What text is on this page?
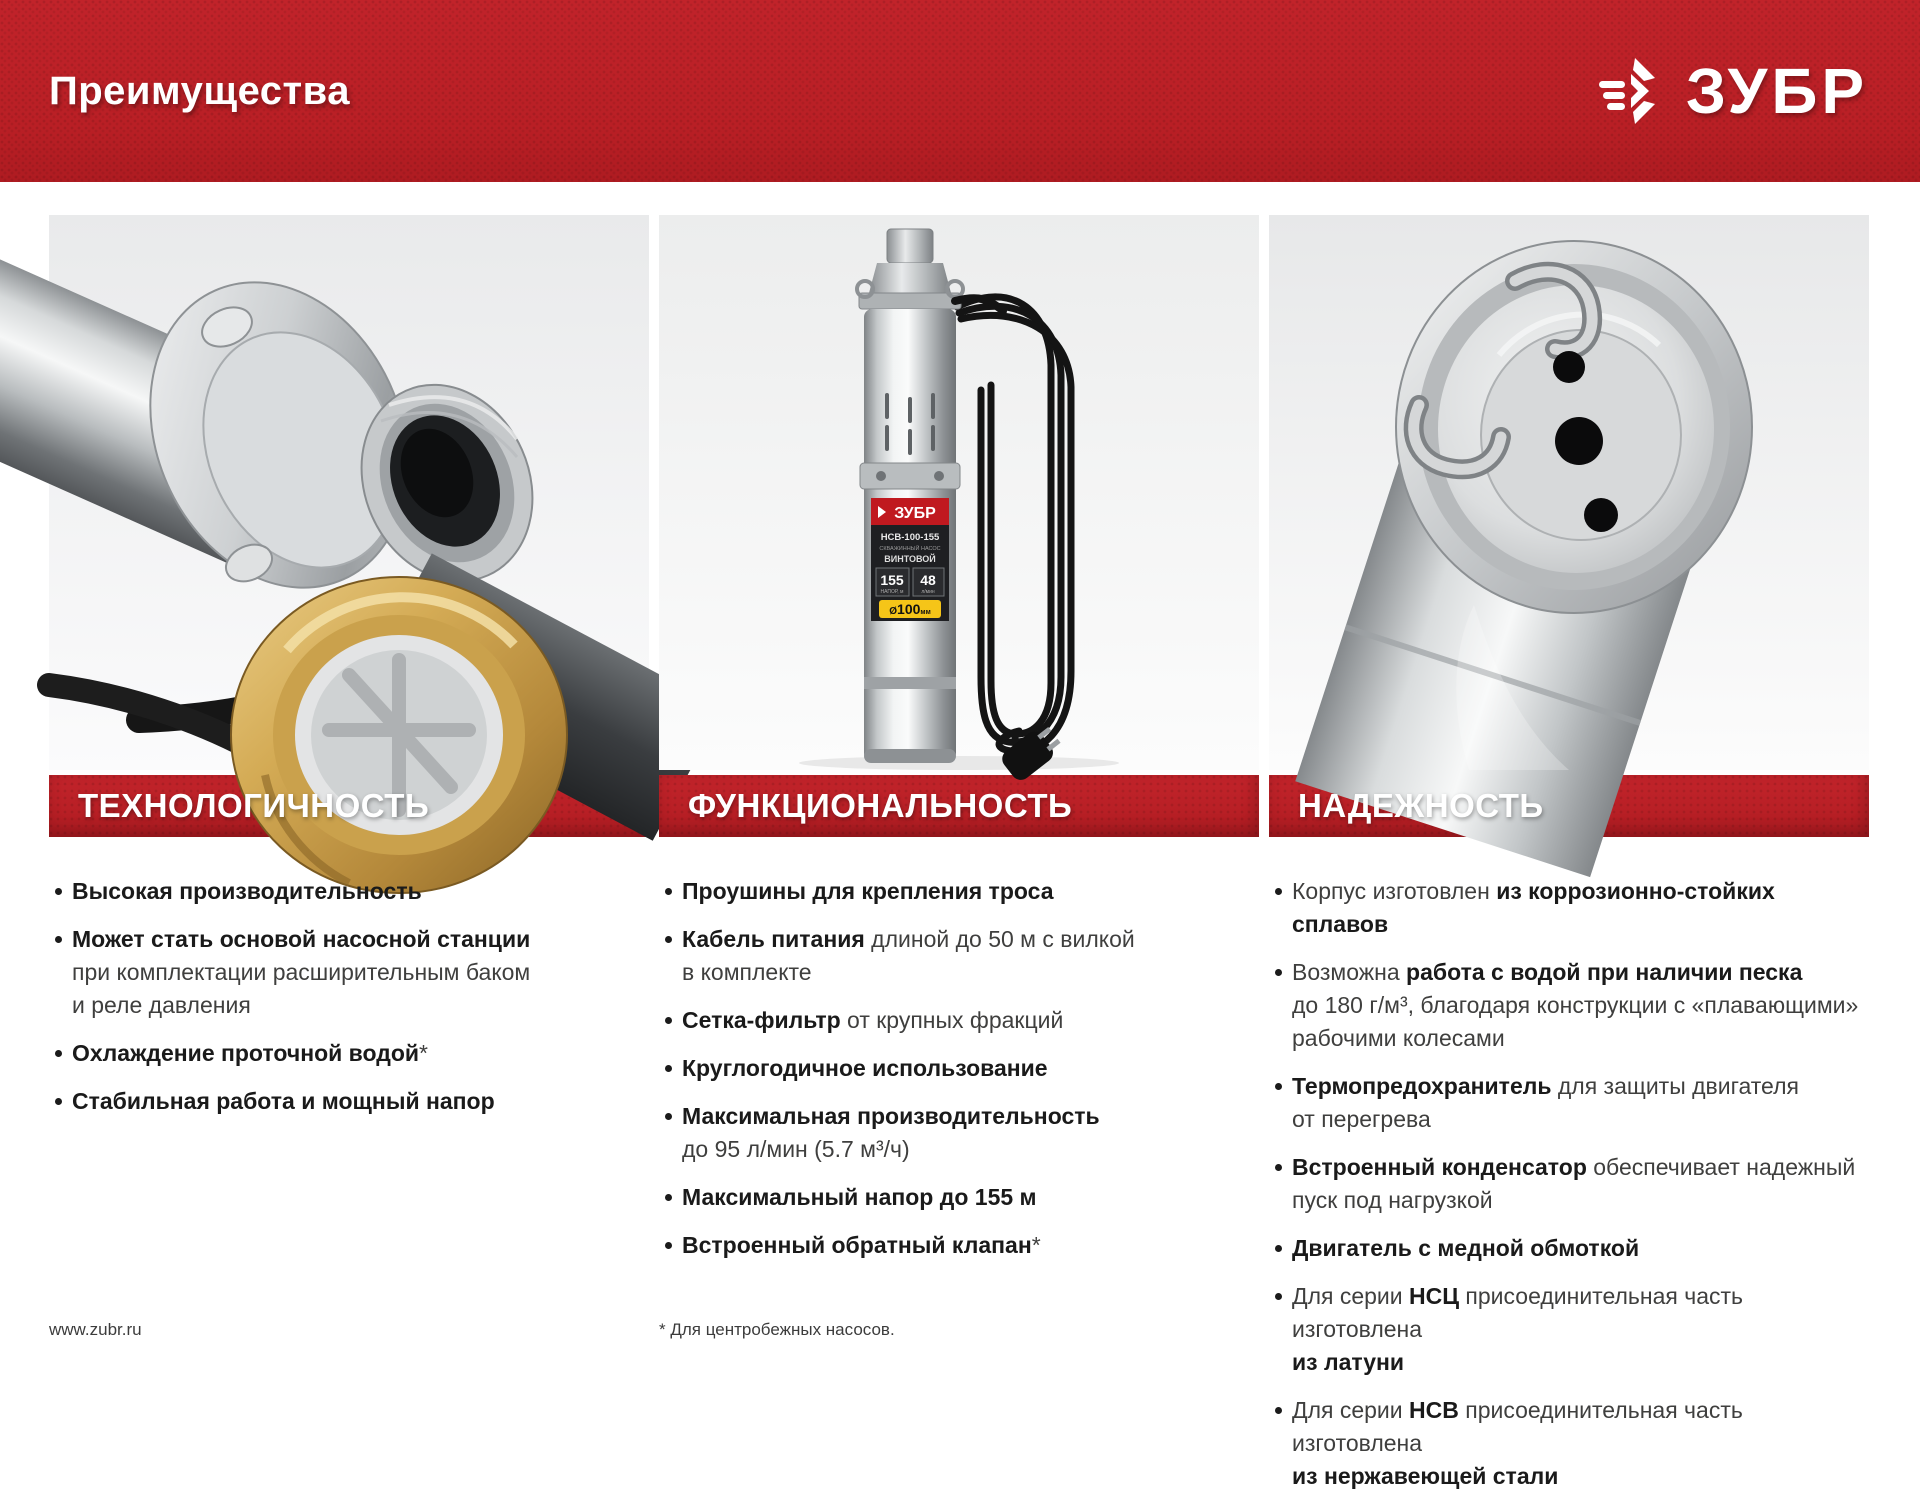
Преимущества	ЗУБР
ТЕХНОЛОГИЧНОСТЬ
Высокая производительность
Может стать основой насосной станции
при комплектации расширительным баком
и реле давления
Охлаждение проточной водой*
Стабильная работа и мощный напор
ЗУБР
НСВ-100-155
СКВАЖИННЫЙ НАСОС
ВИНТОВОЙ
155
НАПОР, м
48
л/мин
Ø100мм
ФУНКЦИОНАЛЬНОСТЬ
Проушины для крепления троса
Кабель питания длиной до 50 м с вилкой
в комплекте
Сетка-фильтр от крупных фракций
Круглогодичное использование
Максимальная производительность
до 95 л/мин (5.7 м³/ч)
Максимальный напор до 155 м
Встроенный обратный клапан*
НАДЕЖНОСТЬ
Корпус изготовлен из коррозионно-стойких сплавов
Возможна работа с водой при наличии песка
до 180 г/м³, благодаря конструкции с «плавающими»
рабочими колесами
Термопредохранитель для защиты двигателя
от перегрева
Встроенный конденсатор обеспечивает надежный
пуск под нагрузкой
Двигатель с медной обмоткой
Для серии НСЦ присоединительная часть изготовлена
из латуни
Для серии НСВ присоединительная часть изготовлена
из нержавеющей стали
www.zubr.ru	* Для центробежных насосов.
